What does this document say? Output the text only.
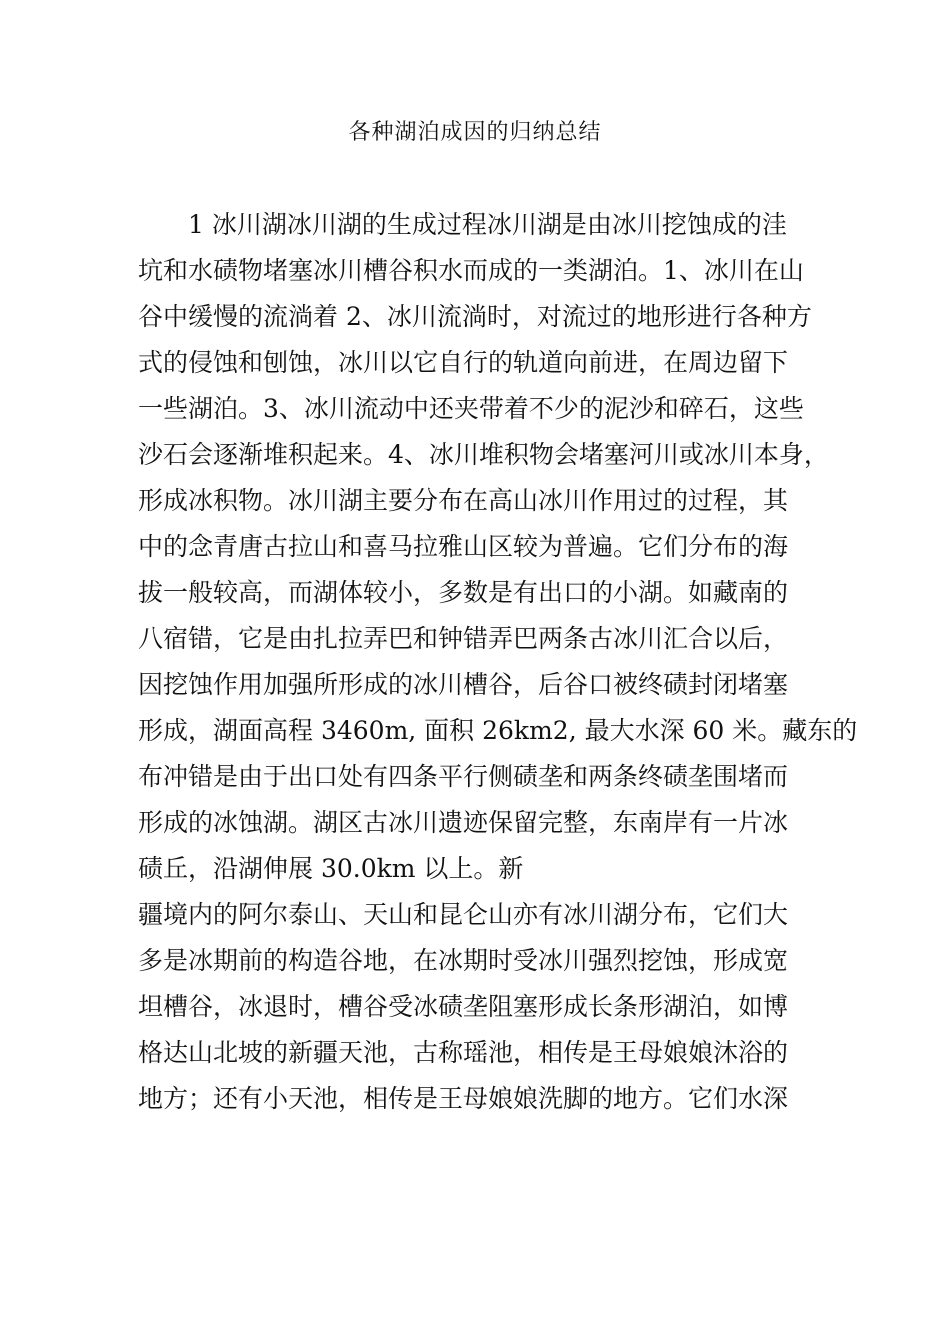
各种湖泊成因的归纳总结

1 冰川湖冰川湖的生成过程冰川湖是由冰川挖蚀成的洼

坑和水碛物堵塞冰川槽谷积水而成的一类湖泊。1、冰川在山

谷中缓慢的流淌着 2、冰川流淌时，对流过的地形进行各种方

式的侵蚀和刨蚀，冰川以它自行的轨道向前进，在周边留下

一些湖泊。3、冰川流动中还夹带着不少的泥沙和碎石，这些

沙石会逐渐堆积起来。4、冰川堆积物会堵塞河川或冰川本身，

形成冰积物。冰川湖主要分布在高山冰川作用过的过程，其

中的念青唐古拉山和喜马拉雅山区较为普遍。它们分布的海

拔一般较高，而湖体较小，多数是有出口的小湖。如藏南的

八宿错，它是由扎拉弄巴和钟错弄巴两条古冰川汇合以后，

因挖蚀作用加强所形成的冰川槽谷，后谷口被终碛封闭堵塞

形成，湖面高程 3460m, 面积 26km2, 最大水深 60 米。藏东的

布冲错是由于出口处有四条平行侧碛垄和两条终碛垄围堵而

形成的冰蚀湖。湖区古冰川遗迹保留完整，东南岸有一片冰

碛丘，沿湖伸展 30.0km 以上。新

疆境内的阿尔泰山、天山和昆仑山亦有冰川湖分布，它们大

多是冰期前的构造谷地，在冰期时受冰川强烈挖蚀，形成宽

坦槽谷，冰退时，槽谷受冰碛垄阻塞形成长条形湖泊，如博

格达山北坡的新疆天池，古称瑶池，相传是王母娘娘沐浴的

地方；还有小天池，相传是王母娘娘洗脚的地方。它们水深
